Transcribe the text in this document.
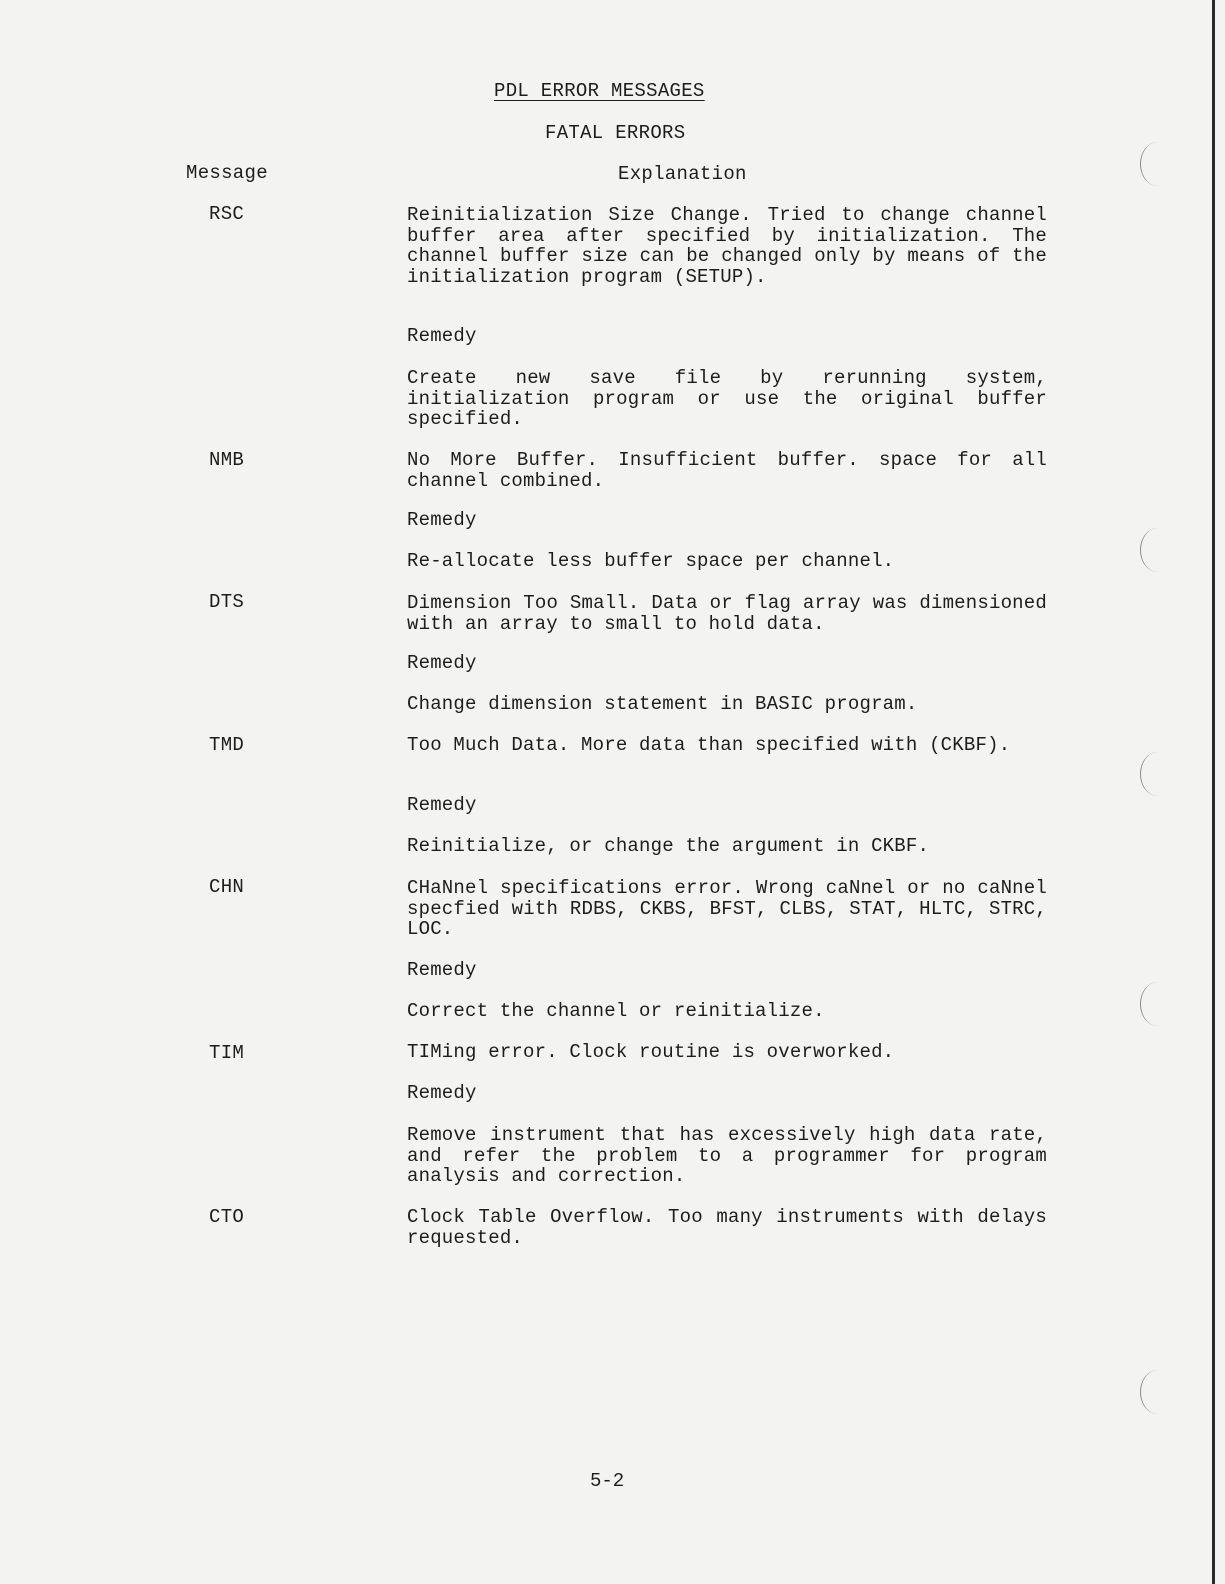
PDL ERROR MESSAGES
FATAL ERRORS
Message	Explanation
RSC	Reinitialization Size Change. Tried to change channel buffer area after specified by initialization. The channel buffer size can be changed only by means of the initialization program (SETUP).
Remedy
Create new save file by rerunning system, initialization program or use the original buffer specified.
NMB	No More Buffer. Insufficient buffer. space for all channel combined.
Remedy
Re-allocate less buffer space per channel.
DTS	Dimension Too Small. Data or flag array was dimensioned with an array to small to hold data.
Remedy
Change dimension statement in BASIC program.
TMD	Too Much Data. More data than specified with (CKBF).
Remedy
Reinitialize, or change the argument in CKBF.
CHN	CHaNnel specifications error. Wrong caNnel or no caNnel specfied with RDBS, CKBS, BFST, CLBS, STAT, HLTC, STRC, LOC.
Remedy
Correct the channel or reinitialize.
TIM	TIMing error. Clock routine is overworked.
Remedy
Remove instrument that has excessively high data rate, and refer the problem to a programmer for program analysis and correction.
CTO	Clock Table Overflow. Too many instruments with delays requested.
5-2
